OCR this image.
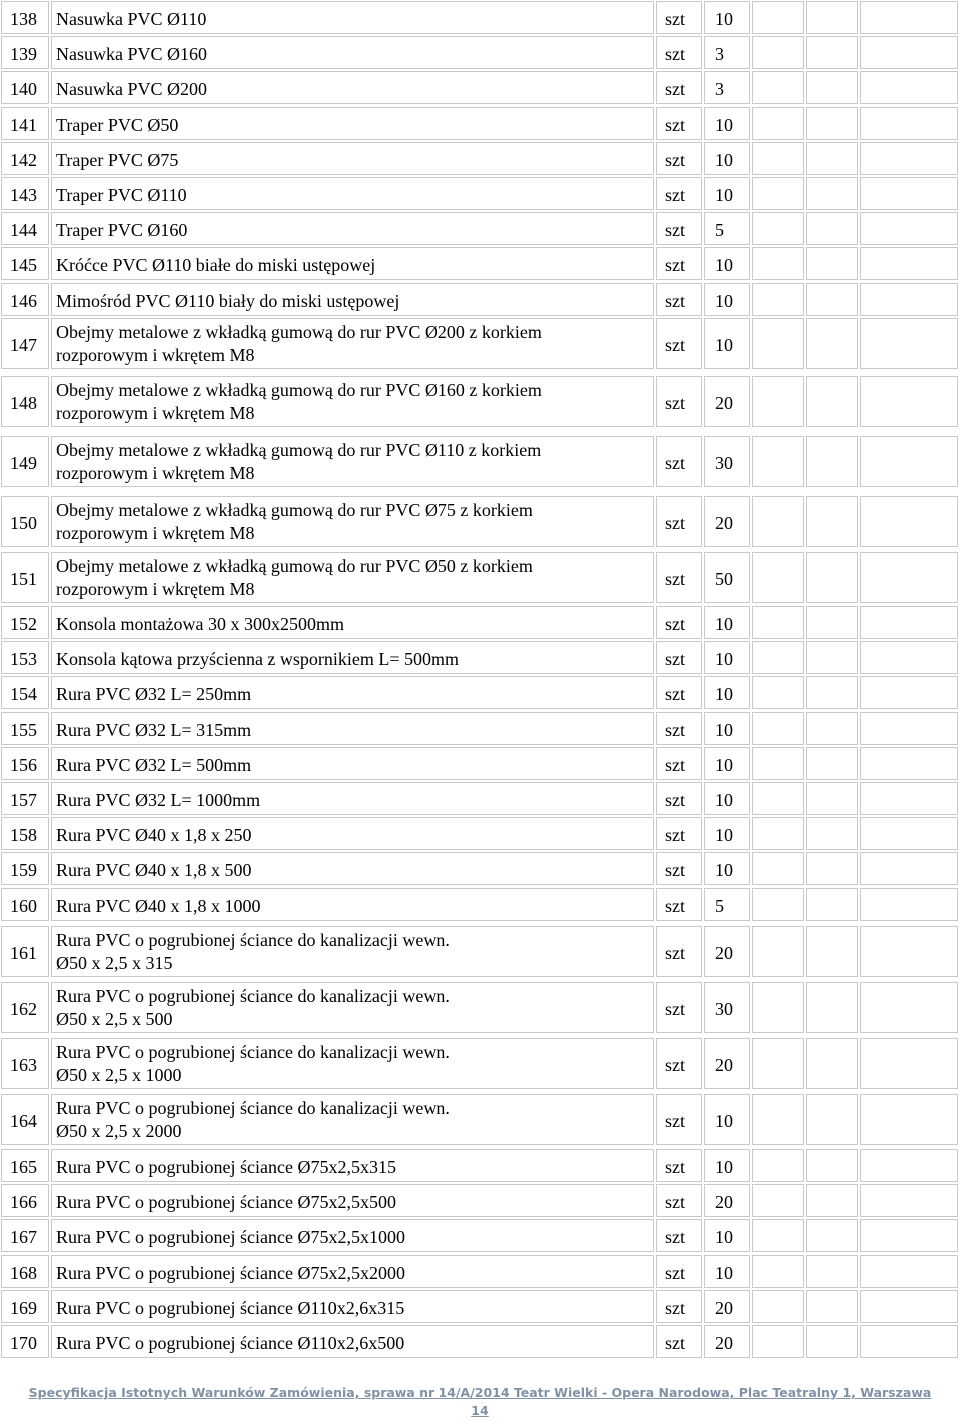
138 Nasuwka PVC Ø110	szt 10
139 Nasuwka PVC Ø160	szt 3
140 Nasuwka PVC Ø200	szt 3
141 Traper PVC Ø50	szt 10
142 Traper PVC Ø75	szt 10
143 Traper PVC Ø110	szt 10
144 Traper PVC Ø160	szt 5
145 Króćce PVC Ø110 białe do miski ustępowej	szt 10
146 Mimośród PVC Ø110 biały do miski ustępowej	szt 10
147
Obejmy metalowe z wkładką gumową do rur PVC Ø200 z korkiem
rozporowym i wkrętem M8	szt 10
148
Obejmy metalowe z wkładką gumową do rur PVC Ø160 z korkiem
rozporowym i wkrętem M8	szt 20
149
Obejmy metalowe z wkładką gumową do rur PVC Ø110 z korkiem
rozporowym i wkrętem M8	szt 30
150
Obejmy metalowe z wkładką gumową do rur PVC Ø75 z korkiem
rozporowym i wkrętem M8	szt 20
151
Obejmy metalowe z wkładką gumową do rur PVC Ø50 z korkiem
rozporowym i wkrętem M8	szt 50
152 Konsola montażowa 30 x 300x2500mm	szt 10
153 Konsola kątowa przyścienna z wspornikiem L= 500mm	szt 10
154 Rura PVC Ø32 L= 250mm	szt 10
155 Rura PVC Ø32 L= 315mm	szt 10
156 Rura PVC Ø32 L= 500mm	szt 10
157 Rura PVC Ø32 L= 1000mm	szt 10
158 Rura PVC Ø40 x 1,8 x 250	szt 10
159 Rura PVC Ø40 x 1,8 x 500	szt 10
160 Rura PVC Ø40 x 1,8 x 1000	szt 5
161
Rura PVC o pogrubionej ściance do kanalizacji wewn.
Ø50 x 2,5 x 315	szt 20
162
Rura PVC o pogrubionej ściance do kanalizacji wewn.
Ø50 x 2,5 x 500	szt 30
163
Rura PVC o pogrubionej ściance do kanalizacji wewn.
Ø50 x 2,5 x 1000	szt 20
164
Rura PVC o pogrubionej ściance do kanalizacji wewn.
Ø50 x 2,5 x 2000	szt 10
165 Rura PVC o pogrubionej ściance Ø75x2,5x315	szt 10
166 Rura PVC o pogrubionej ściance Ø75x2,5x500	szt 20
167 Rura PVC o pogrubionej ściance Ø75x2,5x1000	szt 10
168 Rura PVC o pogrubionej ściance Ø75x2,5x2000	szt 10
169 Rura PVC o pogrubionej ściance Ø110x2,6x315	szt 20
170 Rura PVC o pogrubionej ściance Ø110x2,6x500	szt 20
Specyfikacja Istotnych Warunków Zamówienia, sprawa nr 14/A/2014 Teatr Wielki - Opera Narodowa, Plac Teatralny 1, Warszawa
14
